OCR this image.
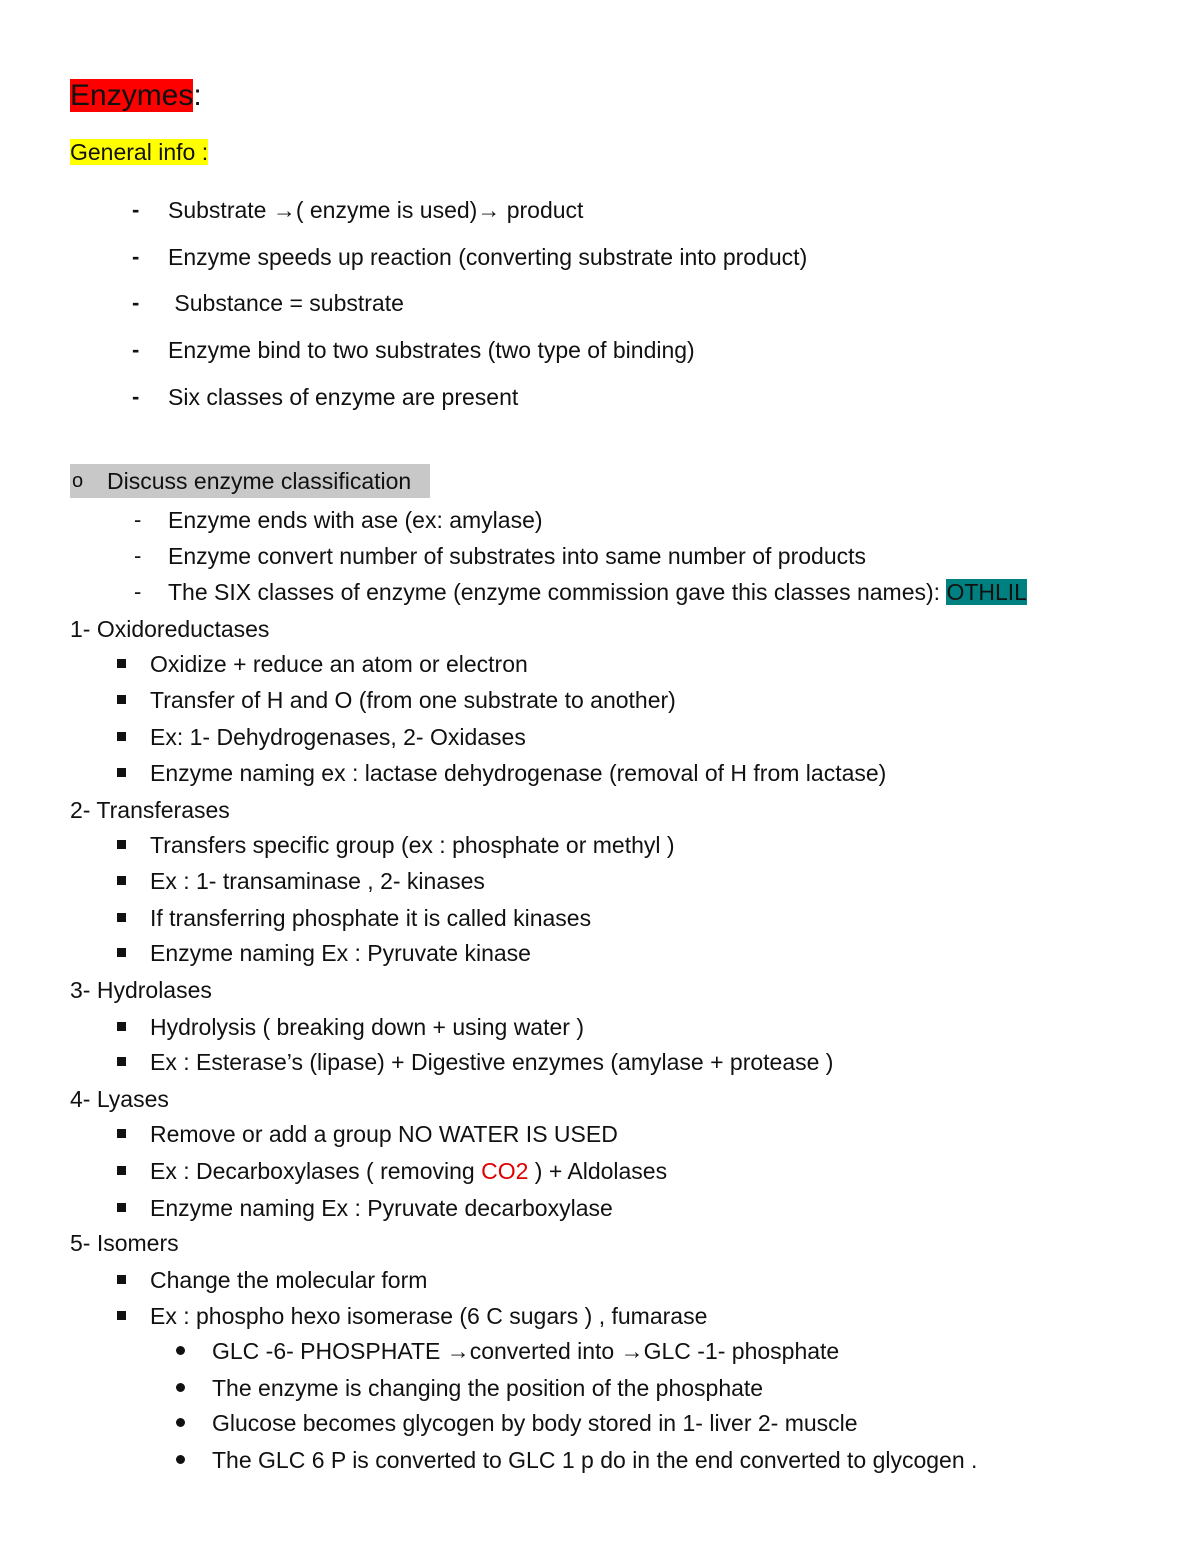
Enzymes:
General info :
- Substrate →( enzyme is used)→ product
- Enzyme speeds up reaction (converting substrate into product)
- Substance = substrate
- Enzyme bind to two substrates (two type of binding)
- Six classes of enzyme are present
o Discuss enzyme classification
- Enzyme ends with ase (ex: amylase)
- Enzyme convert number of substrates into same number of products
- The SIX classes of enzyme (enzyme commission gave this classes names): OTHLIL
1- Oxidoreductases
Oxidize + reduce an atom or electron
Transfer of H and O (from one substrate to another)
Ex: 1- Dehydrogenases, 2- Oxidases
Enzyme naming ex : lactase dehydrogenase (removal of H from lactase)
2- Transferases
Transfers specific group (ex : phosphate or methyl )
Ex : 1- transaminase , 2- kinases
If transferring phosphate it is called kinases
Enzyme naming Ex : Pyruvate kinase
3- Hydrolases
Hydrolysis ( breaking down + using water )
Ex : Esterase’s (lipase) + Digestive enzymes (amylase + protease )
4- Lyases
Remove or add a group NO WATER IS USED
Ex : Decarboxylases ( removing CO2 ) + Aldolases
Enzyme naming Ex : Pyruvate decarboxylase
5- Isomers
Change the molecular form
Ex : phospho hexo isomerase (6 C sugars ) , fumarase
GLC -6- PHOSPHATE →converted into →GLC -1- phosphate
The enzyme is changing the position of the phosphate
Glucose becomes glycogen by body stored in 1- liver 2- muscle
The GLC 6 P is converted to GLC 1 p do in the end converted to glycogen .
